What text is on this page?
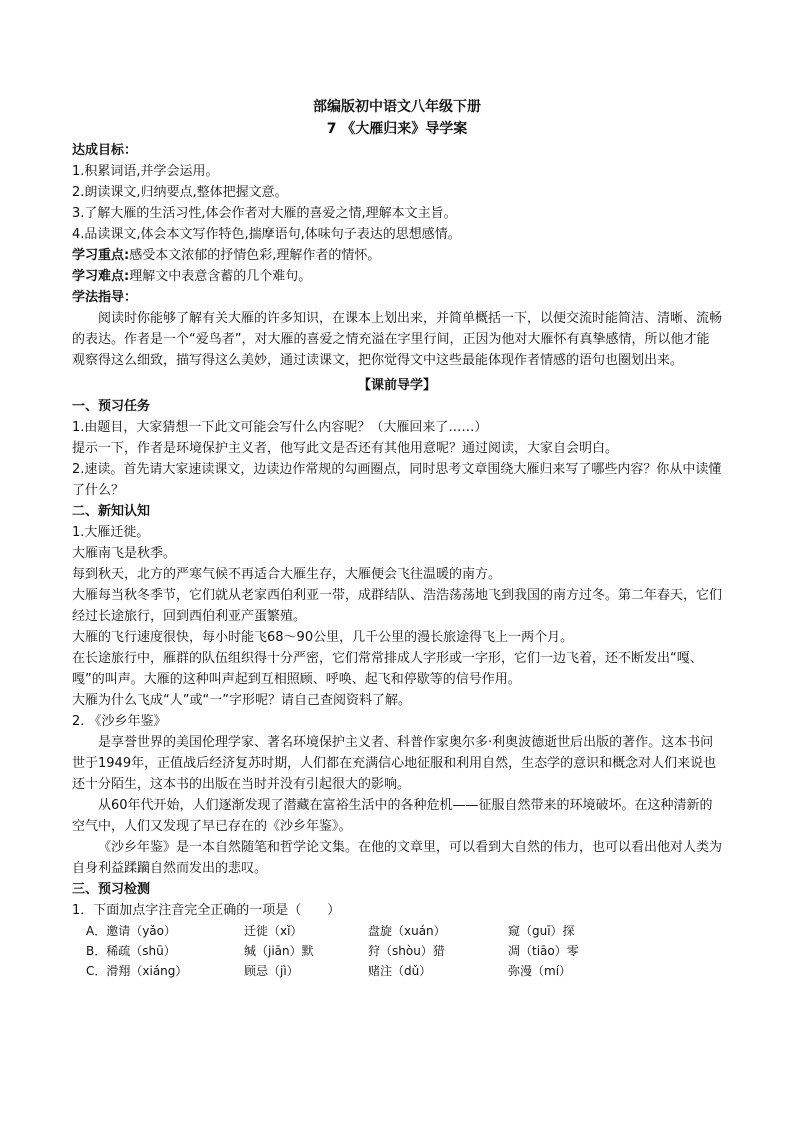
部编版初中语文八年级下册
7 《大雁归来》导学案
达成目标：
1.积累词语,并学会运用。
2.朗读课文,归纳要点,整体把握文意。
3.了解大雁的生活习性,体会作者对大雁的喜爱之情,理解本文主旨。
4.品读课文,体会本文写作特色,揣摩语句,体味句子表达的思想感情。
学习重点:感受本文浓郁的抒情色彩,理解作者的情怀。
学习难点:理解文中表意含蓄的几个难句。
学法指导：
阅读时你能够了解有关大雁的许多知识，在课本上划出来，并简单概括一下，以便交流时能简洁、清晰、流畅的表达。作者是一个“爱鸟者”，对大雁的喜爱之情充溢在字里行间，正因为他对大雁怀有真挚感情，所以他才能观察得这么细致，描写得这么美妙，通过读课文，把你觉得文中这些最能体现作者情感的语句也圈划出来。
【课前导学】
一、预习任务
1.由题目，大家猜想一下此文可能会写什么内容呢？（大雁回来了……）
提示一下，作者是环境保护主义者，他写此文是否还有其他用意呢？通过阅读，大家自会明白。
2.速读。首先请大家速读课文，边读边作常规的勾画圈点，同时思考文章围绕大雁归来写了哪些内容？你从中读懂了什么？
二、新知认知
1.大雁迁徙。
大雁南飞是秋季。
每到秋天，北方的严寒气候不再适合大雁生存，大雁便会飞往温暖的南方。
大雁每当秋冬季节，它们就从老家西伯利亚一带，成群结队、浩浩荡荡地飞到我国的南方过冬。第二年春天，它们经过长途旅行，回到西伯利亚产蛋繁殖。
大雁的飞行速度很快，每小时能飞68～90公里，几千公里的漫长旅途得飞上一两个月。
在长途旅行中，雁群的队伍组织得十分严密，它们常常排成人字形或一字形，它们一边飞着，还不断发出“嘎、嘎”的叫声。大雁的这种叫声起到互相照顾、呼唤、起飞和停歇等的信号作用。
大雁为什么飞成“人”或“一”字形呢？请自己查阅资料了解。
2. 《沙乡年鉴》
是享誉世界的美国伦理学家、著名环境保护主义者、科普作家奥尔多·利奥波德逝世后出版的著作。这本书问世于1949年，正值战后经济复苏时期，人们都在充满信心地征服和利用自然，生态学的意识和概念对人们来说也还十分陌生，这本书的出版在当时并没有引起很大的影响。
从60年代开始，人们逐渐发现了潜藏在富裕生活中的各种危机——征服自然带来的环境破坏。在这种清新的空气中，人们又发现了早已存在的《沙乡年鉴》。
《沙乡年鉴》是一本自然随笔和哲学论文集。在他的文章里，可以看到大自然的伟力，也可以看出他对人类为自身利益蹂躏自然而发出的悲叹。
三、预习检测
1．下面加点字注音完全正确的一项是（　　）
A．邀请（yǎo）	迁徙（xǐ）	盘旋（xuán）	窥（guī）探
B．稀疏（shū）	缄（jiān）默	狩（shòu）猎	凋（tiāo）零
C．滑翔（xiáng）	顾忌（jì）	赌注（dǔ）	弥漫（mí）
